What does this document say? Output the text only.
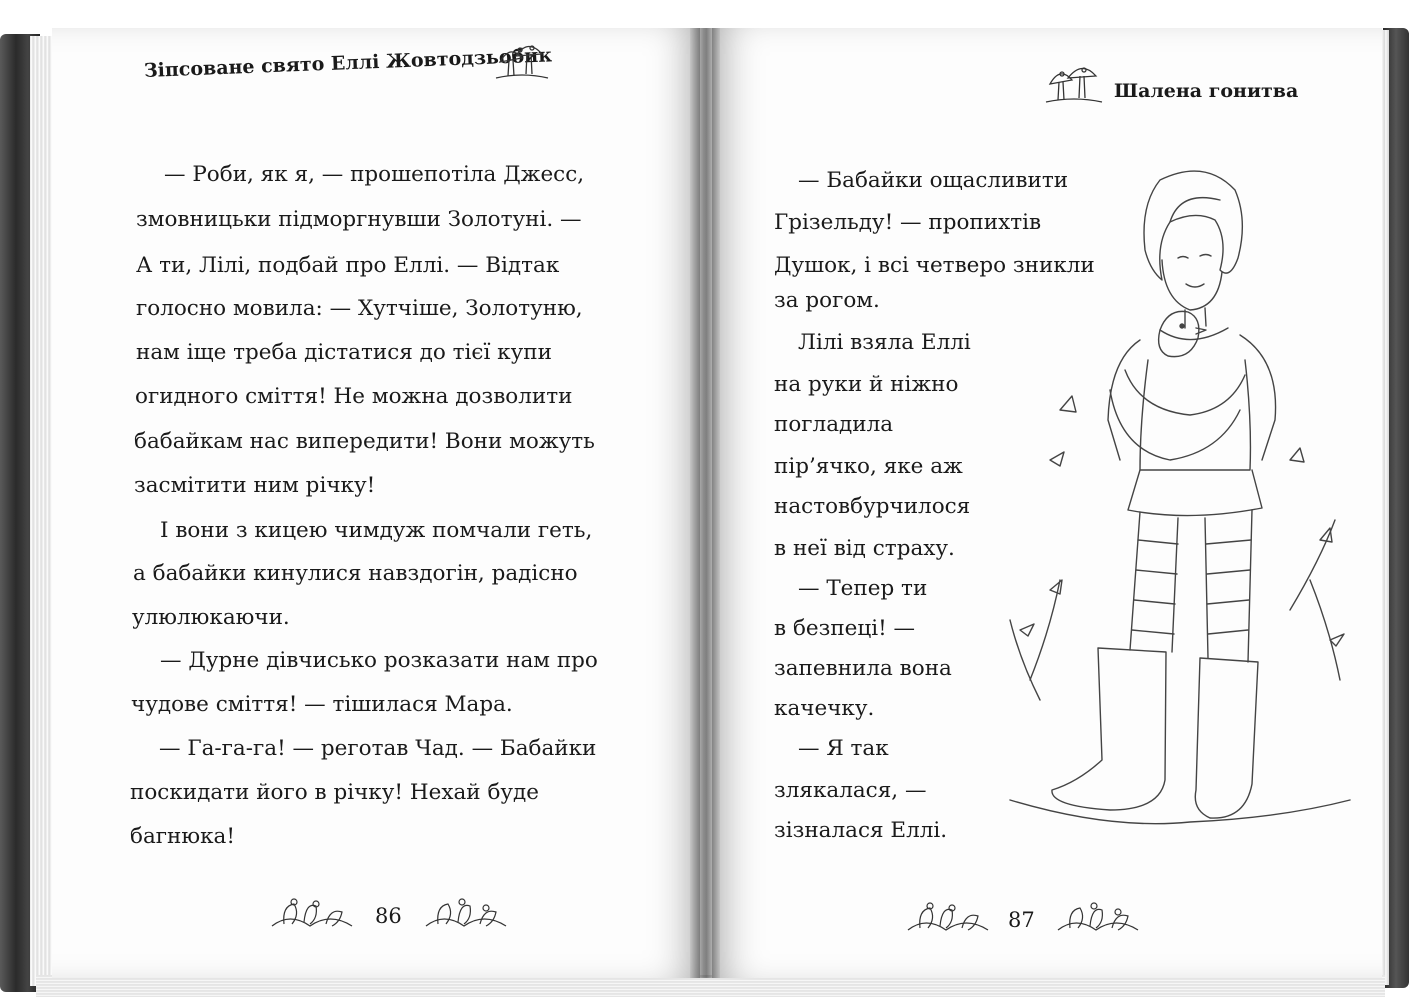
Зіпсоване свято Еллі Жовтодзьобик
— Роби, як я, — прошепотіла Джесс,
змовницьки підморгнувши Золотуні. —
А ти, Лілі, подбай про Еллі. — Відтак
голосно мовила: — Хутчіше, Золотуню,
нам іще треба дістатися до тієї купи
огидного сміття! Не можна дозволити
бабайкам нас випередити! Вони можуть
засмітити ним річку!
І вони з кицею чимдуж помчали геть,
а бабайки кинулися навздогін, радісно
улюлюкаючи.
— Дурне дівчисько розказати нам про
чудове сміття! — тішилася Мара.
— Га-га-га! — реготав Чад. — Бабайки
поскидати його в річку! Нехай буде
багнюка!
86
Шалена гонитва
— Бабайки ощасливити
Грізельду! — пропихтів
Душок, і всі четверо зникли
за рогом.
Лілі взяла Еллі
на руки й ніжно
погладила
пір’ячко, яке аж
настовбурчилося
в неї від страху.
— Тепер ти
в безпеці! —
запевнила вона
качечку.
— Я так
злякалася, —
зізналася Еллі.
87
